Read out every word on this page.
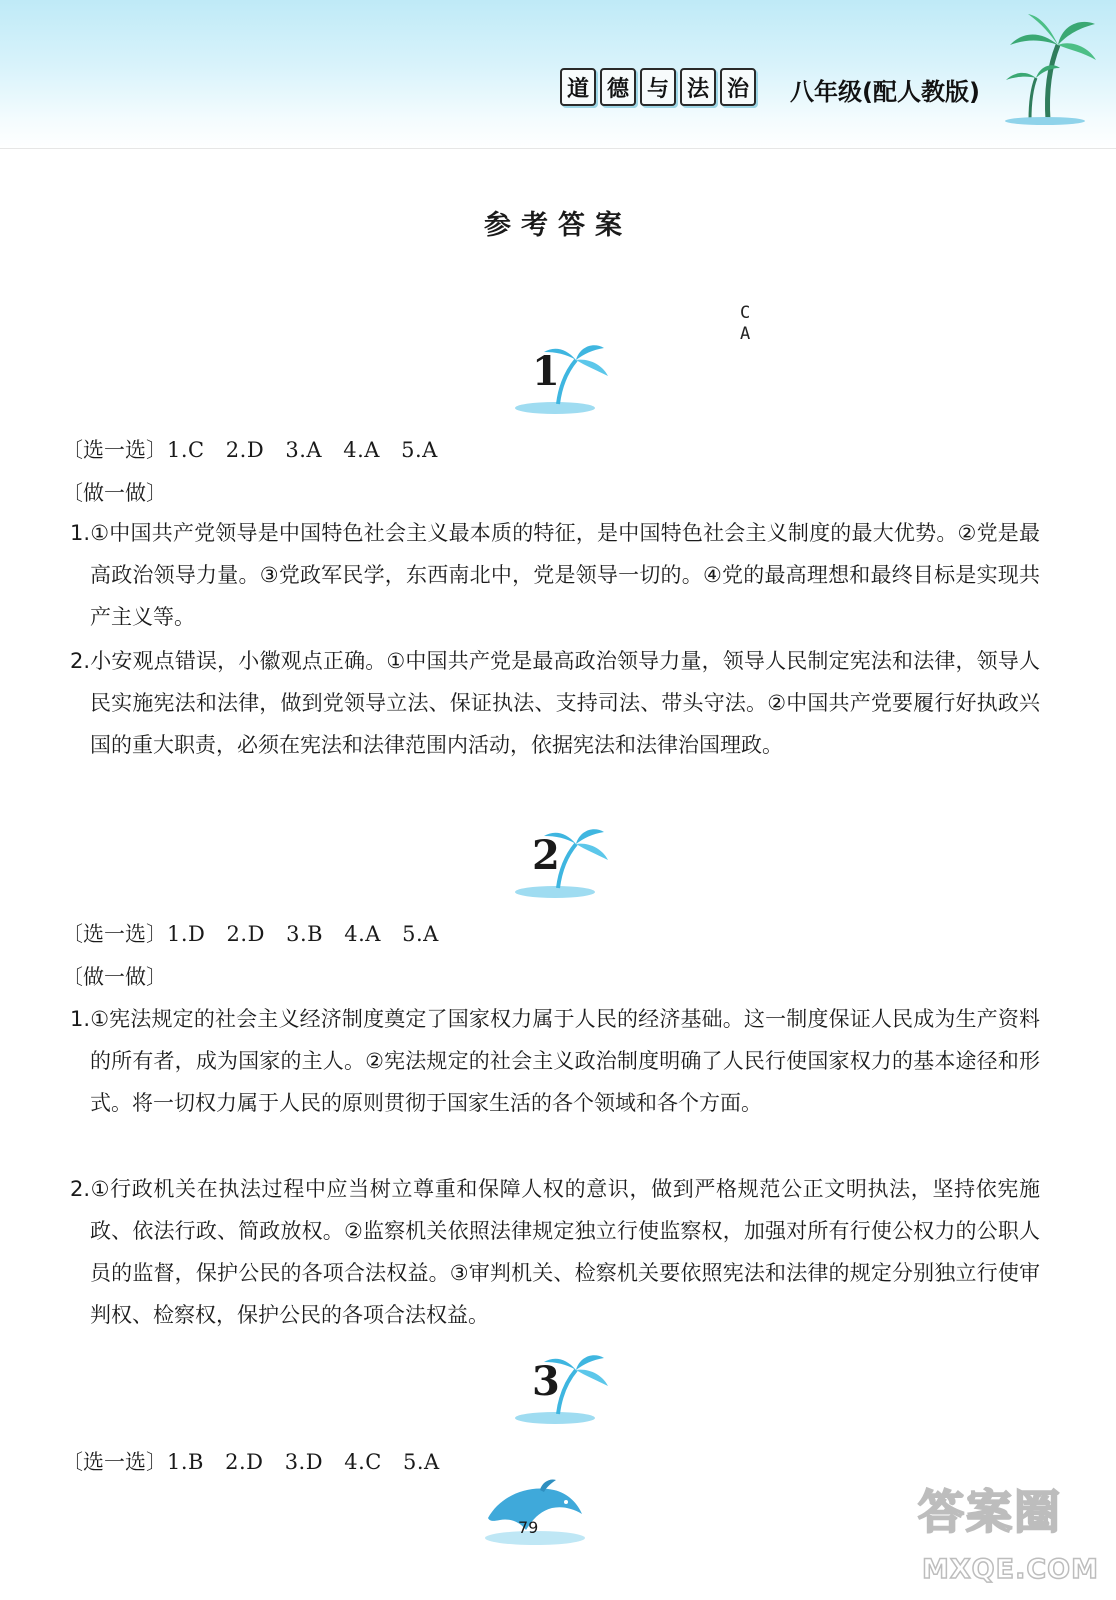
道 德 与 法 治 八年级(配人教版)
参考答案
C
A
1
〔选一选〕1.C 2.D 3.A 4.A 5.A
〔做一做〕
1.①中国共产党领导是中国特色社会主义最本质的特征，是中国特色社会主义制度的最大优势。②党是最高政治领导力量。③党政军民学，东西南北中，党是领导一切的。④党的最高理想和最终目标是实现共产主义等。
2.小安观点错误，小徽观点正确。①中国共产党是最高政治领导力量，领导人民制定宪法和法律，领导人民实施宪法和法律，做到党领导立法、保证执法、支持司法、带头守法。②中国共产党要履行好执政兴国的重大职责，必须在宪法和法律范围内活动，依据宪法和法律治国理政。
2
〔选一选〕1.D 2.D 3.B 4.A 5.A
〔做一做〕
1.①宪法规定的社会主义经济制度奠定了国家权力属于人民的经济基础。这一制度保证人民成为生产资料的所有者，成为国家的主人。②宪法规定的社会主义政治制度明确了人民行使国家权力的基本途径和形式。将一切权力属于人民的原则贯彻于国家生活的各个领域和各个方面。
2.①行政机关在执法过程中应当树立尊重和保障人权的意识，做到严格规范公正文明执法，坚持依宪施政、依法行政、简政放权。②监察机关依照法律规定独立行使监察权，加强对所有行使公权力的公职人员的监督，保护公民的各项合法权益。③审判机关、检察机关要依照宪法和法律的规定分别独立行使审判权、检察权，保护公民的各项合法权益。
3
〔选一选〕1.B 2.D 3.D 4.C 5.A
79	答案圈
MXQE.COM
